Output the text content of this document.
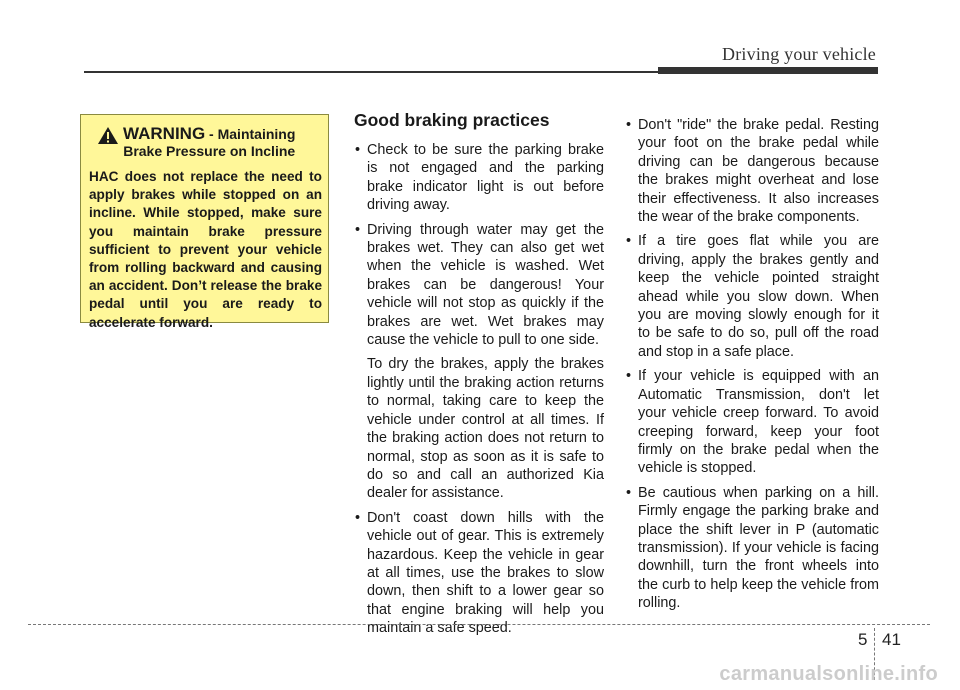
Driving your vehicle
WARNING - Maintaining
Brake Pressure on Incline
HAC does not replace the need to apply brakes while stopped on an incline. While stopped, make sure you maintain brake pressure sufficient to prevent your vehicle from rolling backward and causing an accident. Don’t release the brake pedal until you are ready to accelerate forward.
Good braking practices
• Check to be sure the parking brake is not engaged and the parking brake indicator light is out before driving away.
• Driving through water may get the brakes wet. They can also get wet when the vehicle is washed. Wet brakes can be dangerous! Your vehicle will not stop as quickly if the brakes are wet. Wet brakes may cause the vehicle to pull to one side.

To dry the brakes, apply the brakes lightly until the braking action returns to normal, taking care to keep the vehicle under control at all times. If the braking action does not return to normal, stop as soon as it is safe to do so and call an authorized Kia dealer for assistance.

• Don't coast down hills with the vehicle out of gear. This is extremely hazardous. Keep the vehicle in gear at all times, use the brakes to slow down, then shift to a lower gear so that engine braking will help you maintain a safe speed.
• Don't "ride" the brake pedal. Resting your foot on the brake pedal while driving can be dangerous because the brakes might overheat and lose their effectiveness. It also increases the wear of the brake components.
• If a tire goes flat while you are driving, apply the brakes gently and keep the vehicle pointed straight ahead while you slow down. When you are moving slowly enough for it to be safe to do so, pull off the road and stop in a safe place.
• If your vehicle is equipped with an Automatic Transmission, don't let your vehicle creep forward. To avoid creeping forward, keep your foot firmly on the brake pedal when the vehicle is stopped.
• Be cautious when parking on a hill. Firmly engage the parking brake and place the shift lever in P (automatic transmission). If your vehicle is facing downhill, turn the front wheels into the curb to help keep the vehicle from rolling.
5 41
carmanualsonline.info
